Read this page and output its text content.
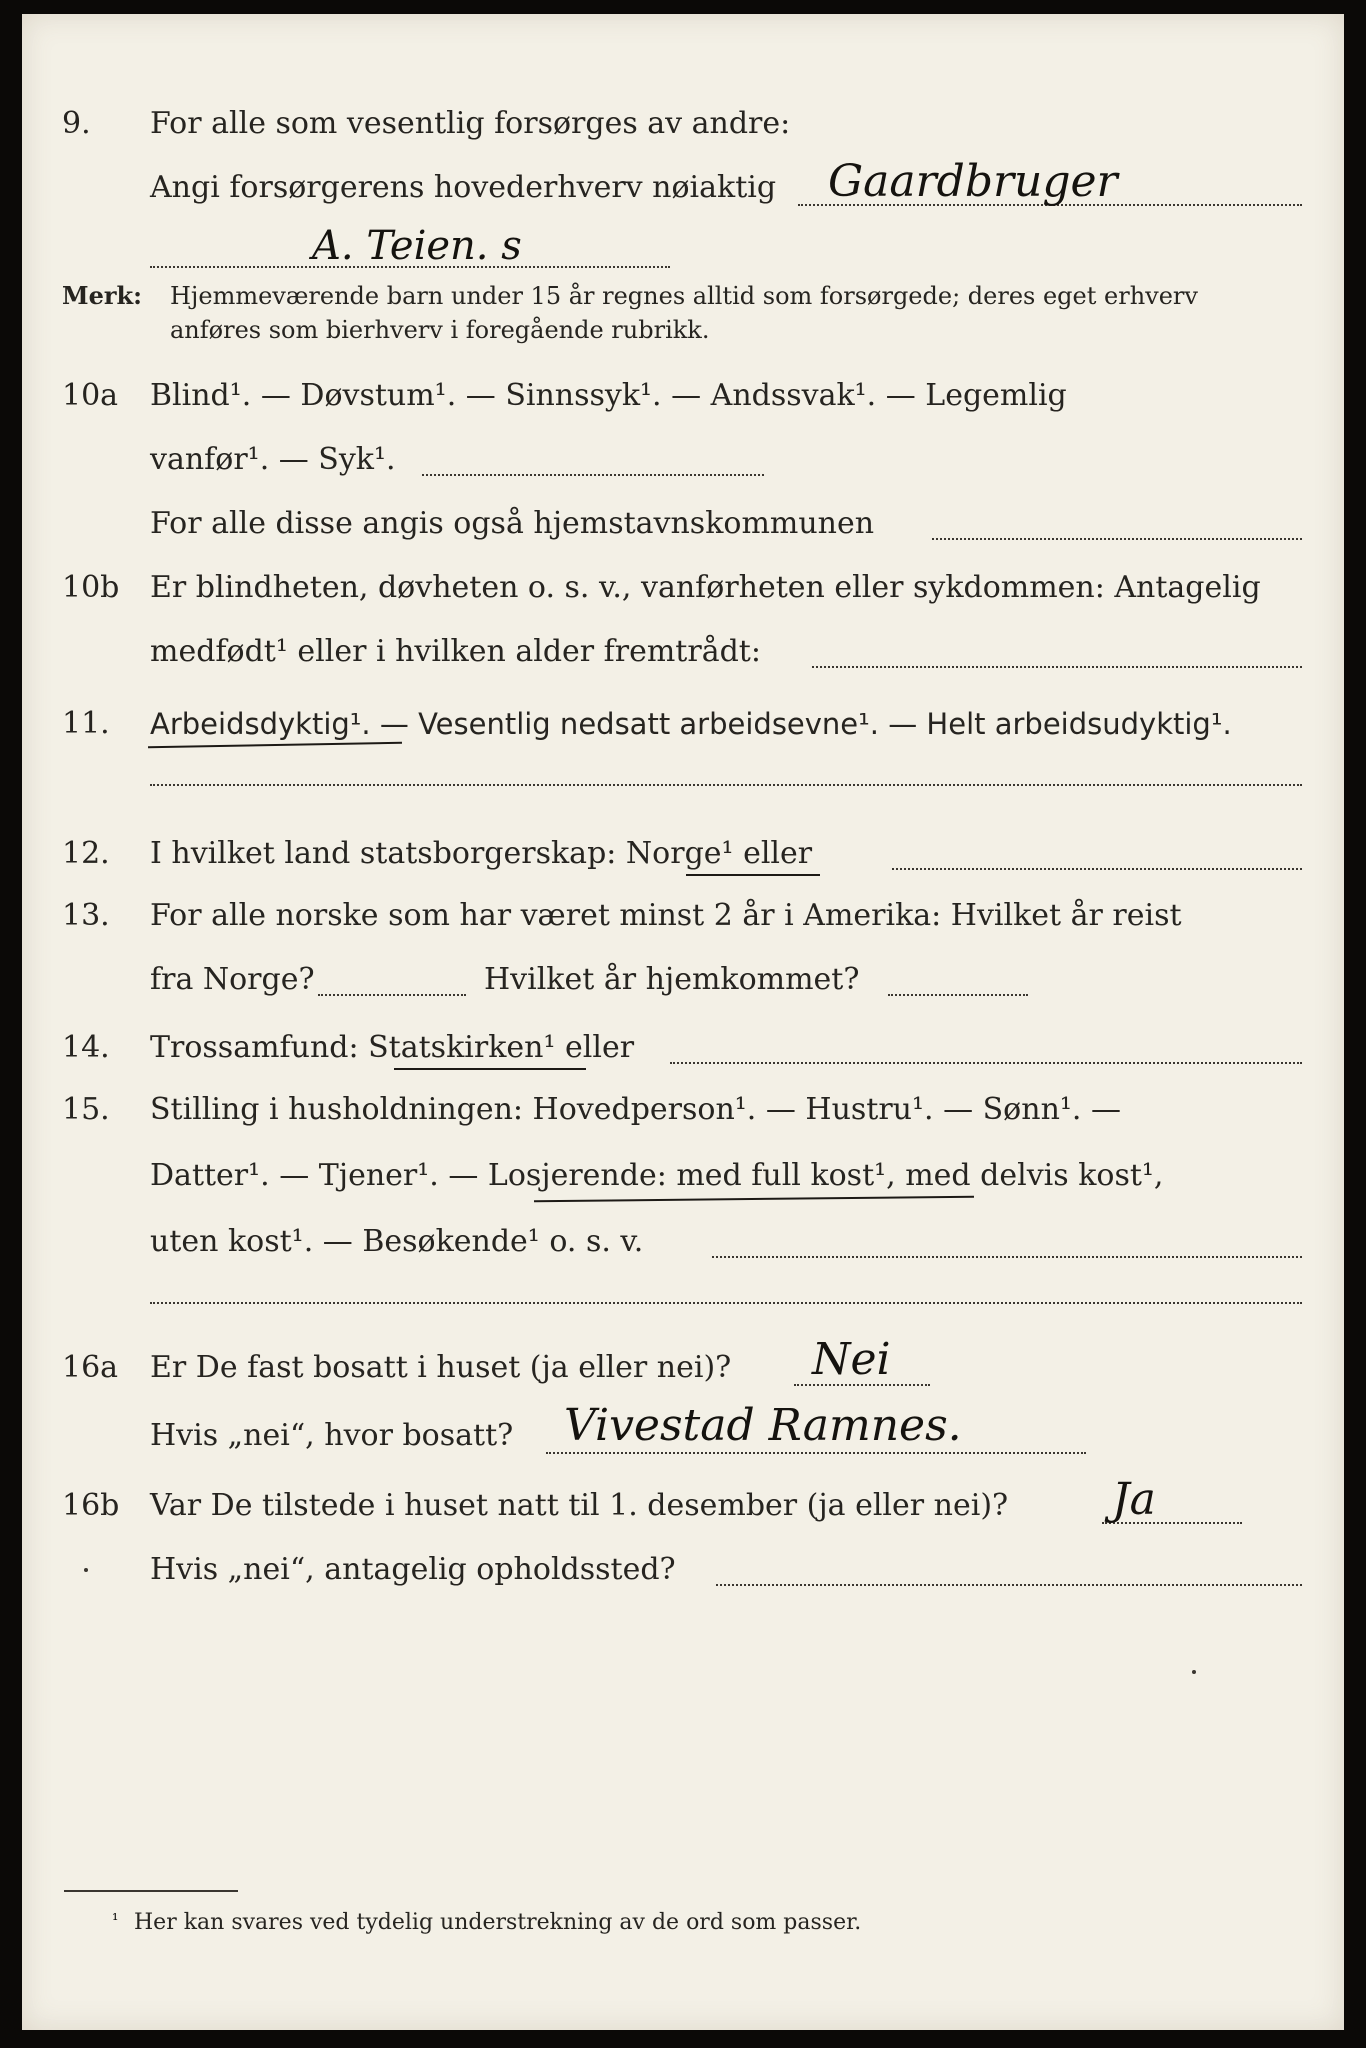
9. For alle som vesentlig forsørges av andre:
Angi forsørgerens hovederhverv nøiaktig Gaardbruger
A. Teien. s
Merk: Hjemmeværende barn under 15 år regnes alltid som forsørgede; deres eget erhverv
anføres som bierhverv i foregående rubrikk.
10a Blind¹. — Døvstum¹. — Sinnssyk¹. — Andssvak¹. — Legemlig
vanfør¹. — Syk¹.
For alle disse angis også hjemstavnskommunen
10b Er blindheten, døvheten o. s. v., vanførheten eller sykdommen: Antagelig
medfødt¹ eller i hvilken alder fremtrådt:
11. Arbeidsdyktig¹. — Vesentlig nedsatt arbeidsevne¹. — Helt arbeidsudyktig¹.
12. I hvilket land statsborgerskap: Norge¹ eller
13. For alle norske som har været minst 2 år i Amerika: Hvilket år reist
fra Norge?	Hvilket år hjemkommet?
14. Trossamfund: Statskirken¹ eller
15. Stilling i husholdningen: Hovedperson¹. — Hustru¹. — Sønn¹. —
Datter¹. — Tjener¹. — Losjerende: med full kost¹, med delvis kost¹,
uten kost¹. — Besøkende¹ o. s. v.
16a Er De fast bosatt i huset (ja eller nei)? Nei
Hvis „nei“, hvor bosatt? Vivestad Ramnes.
16b Var De tilstede i huset natt til 1. desember (ja eller nei)? Ja
Hvis „nei“, antagelig opholdssted?
¹ Her kan svares ved tydelig understrekning av de ord som passer.
